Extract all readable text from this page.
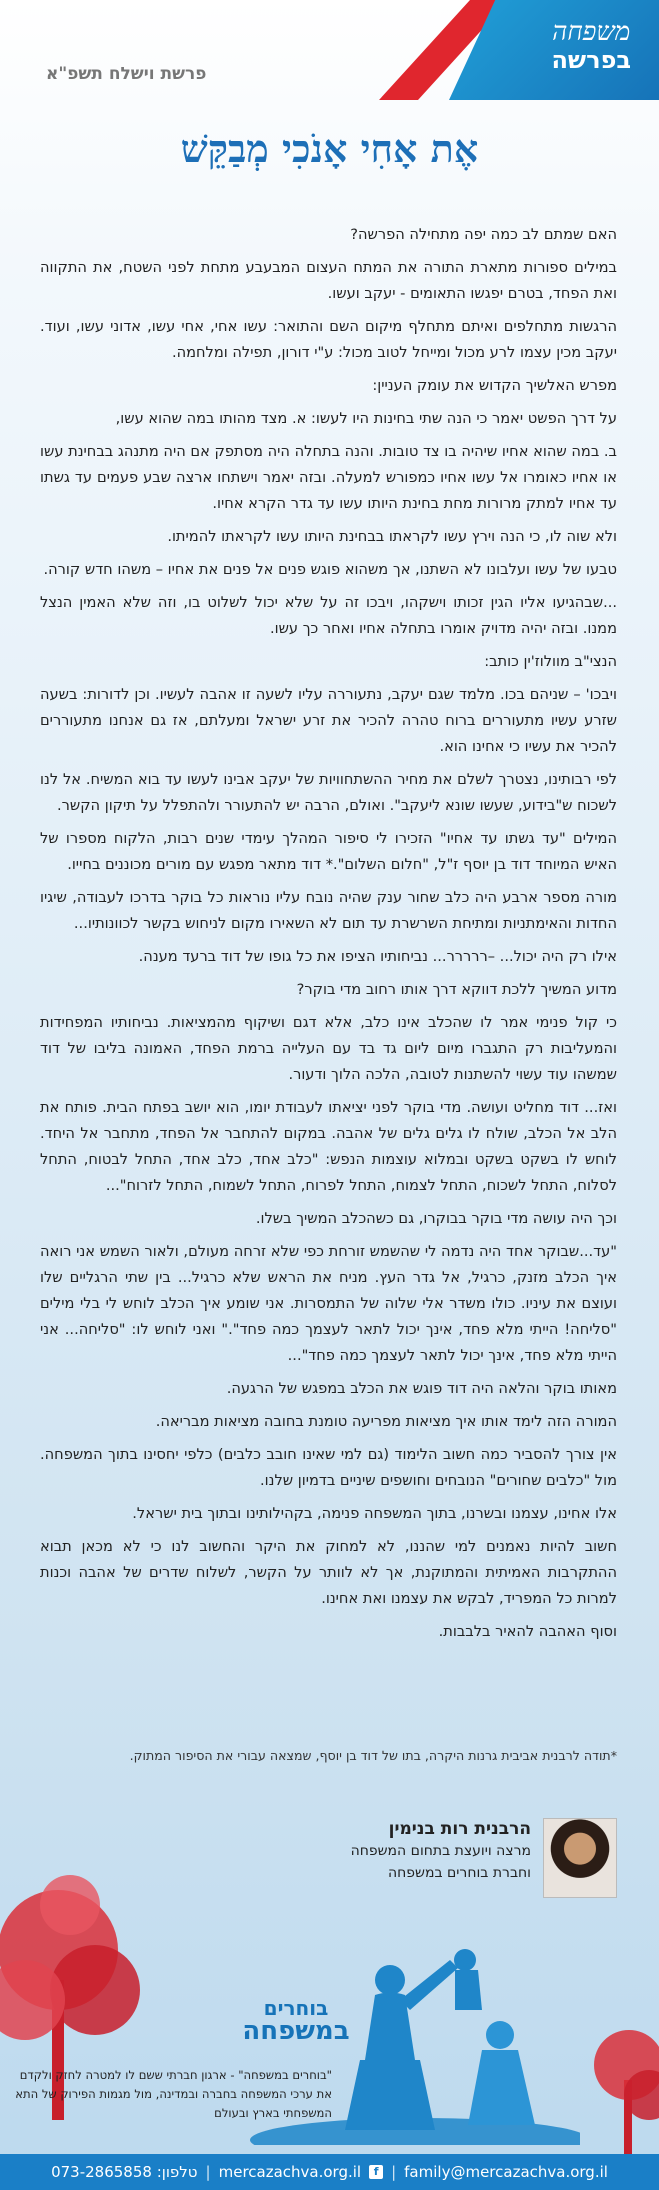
משפחה
בפרשה
פרשת וישלח תשפ"א
אֶת אָחִי אָנֹכִי מְבַקֵּשׁ

האם שמתם לב כמה יפה מתחילה הפרשה?

במילים ספורות מתארת התורה את המתח העצום המבעבע מתחת לפני השטח, את התקווה ואת הפחד, בטרם יפגשו התאומים - יעקב ועשו.

הרגשות מתחלפים ואיתם מתחלף מיקום השם והתואר: עשו אחי, אחי עשו, אדוני עשו, ועוד. יעקב מכין עצמו לרע מכול ומייחל לטוב מכול: ע"י דורון, תפילה ומלחמה.

מפרש האלשיך הקדוש את עומק העניין:

על דרך הפשט יאמר כי הנה שתי בחינות היו לעשו: א. מצד מהותו במה שהוא עשו,

ב. במה שהוא אחיו שיהיה בו צד טובות. והנה בתחלה היה מסתפק אם היה מתנהג בבחינת עשו או אחיו כאומרו אל עשו אחיו כמפורש למעלה. ובזה יאמר וישתחו ארצה שבע פעמים עד גשתו עד אחיו למתק מרורות מחת בחינת היותו עשו עד גדר הקרא אחיו.

ולא שוה לו, כי הנה וירץ עשו לקראתו בבחינת היותו עשו לקראתו להמיתו.

טבעו של עשו ועלבונו לא השתנו, אך משהוא פוגש פנים אל פנים את אחיו – משהו חדש קורה.

...שבהגיעו אליו הגין זכותו וישקהו, ויבכו זה על שלא יכול לשלוט בו, וזה שלא האמין הנצל ממנו. ובזה יהיה מדויק אומרו בתחלה אחיו ואחר כך עשו.

הנצי"ב מוולוז'ין כותב:

ויבכו' – שניהם בכו. מלמד שגם יעקב, נתעוררה עליו לשעה זו אהבה לעשיו. וכן לדורות: בשעה שזרע עשיו מתעוררים ברוח טהרה להכיר את זרע ישראל ומעלתם, אז גם אנחנו מתעוררים להכיר את עשיו כי אחינו הוא.

לפי רבותינו, נצטרך לשלם את מחיר ההשתחוויות של יעקב אבינו לעשו עד בוא המשיח. אל לנו לשכוח ש"בידוע, שעשו שונא ליעקב". ואולם, הרבה יש להתעורר ולהתפלל על תיקון הקשר.

המילים "עד גשתו עד אחיו" הזכירו לי סיפור המהלך עימדי שנים רבות, הלקוח מספרו של האיש המיוחד דוד בן יוסף ז"ל, "חלום השלום".* דוד מתאר מפגש עם מורים מכוננים בחייו.

מורה מספר ארבע היה כלב שחור ענק שהיה נובח עליו נוראות כל בוקר בדרכו לעבודה, שיגיו החדות והאימתניות ומתיחת השרשרת עד תום לא השאירו מקום לניחוש בקשר לכוונותיו...

אילו רק היה יכול... –ררררר... נביחותיו הציפו את כל גופו של דוד ברעד מענה.

מדוע המשיך ללכת דווקא דרך אותו רחוב מדי בוקר?

כי קול פנימי אמר לו שהכלב אינו כלב, אלא דגם ושיקוף מהמציאות. נביחותיו המפחידות והמעליבות רק התגברו מיום ליום גד בד עם העלייה ברמת הפחד, האמונה בליבו של דוד שמשהו עוד עשוי להשתנות לטובה, הלכה הלוך ודעור.

ואז... דוד מחליט ועושה. מדי בוקר לפני יציאתו לעבודת יומו, הוא יושב בפתח הבית. פותח את הלב אל הכלב, שולח לו גלים גלים של אהבה. במקום להתחבר אל הפחד, מתחבר אל היחד. לוחש לו בשקט בשקט ובמלוא עוצמות הנפש: "כלב אחד, כלב אחד, התחל לבטוח, התחל לסלוח, התחל לשכוח, התחל לצמוח, התחל לפרוח, התחל לשמוח, התחל לזרוח"...

וכך היה עושה מדי בוקר בבוקרו, גם כשהכלב המשיך בשלו.

"עד...שבוקר אחד היה נדמה לי שהשמש זורחת כפי שלא זרחה מעולם, ולאור השמש אני רואה איך הכלב מזנק, כרגיל, אל גדר העץ. מניח את הראש שלא כרגיל... בין שתי הרגליים שלו ועוצם את עיניו. כולו משדר אלי שלוה של התמסרות. אני שומע איך הכלב לוחש לי בלי מילים "סליחה! הייתי מלא פחד, אינך יכול לתאר לעצמך כמה פחד"." ואני לוחש לו: "סליחה... אני הייתי מלא פחד, אינך יכול לתאר לעצמך כמה פחד"...

מאותו בוקר והלאה היה דוד פוגש את הכלב במפגש של הרגעה.

המורה הזה לימד אותו איך מציאות מפריעה טומנת בחובה מציאות מבריאה.

אין צורך להסביר כמה חשוב הלימוד (גם למי שאינו חובב כלבים) כלפי יחסינו בתוך המשפחה. מול "כלבים שחורים" הנובחים וחושפים שיניים בדמיון שלנו.

אלו אחינו, עצמנו ובשרנו, בתוך המשפחה פנימה, בקהילותינו ובתוך בית ישראל.

חשוב להיות נאמנים למי שהננו, לא למחוק את היקר והחשוב לנו כי לא מכאן תבוא ההתקרבות האמיתית והמתוקנת, אך לא לוותר על הקשר, לשלוח שדרים של אהבה וכנות למרות כל המפריד, לבקש את עצמנו ואת אחינו.

וסוף האהבה להאיר בלבבות.

*תודה לרבנית אביבית גרנות היקרה, בתו של דוד בן יוסף, שמצאה עבורי את הסיפור המתוק.
הרבנית רות בנימין
מרצה ויועצת בתחום המשפחה
וחברת בוחרים במשפחה
בוחרים
במשפחה
"בוחרים במשפחה" - ארגון חברתי ששם לו למטרה לחזק ולקדם את ערכי המשפחה בחברה ובמדינה, מול מגמות הפירוק של התא המשפחתי בארץ ובעולם
family@mercazachva.org.il
|
f
mercazachva.org.il
|
טלפון: 073-2865858
